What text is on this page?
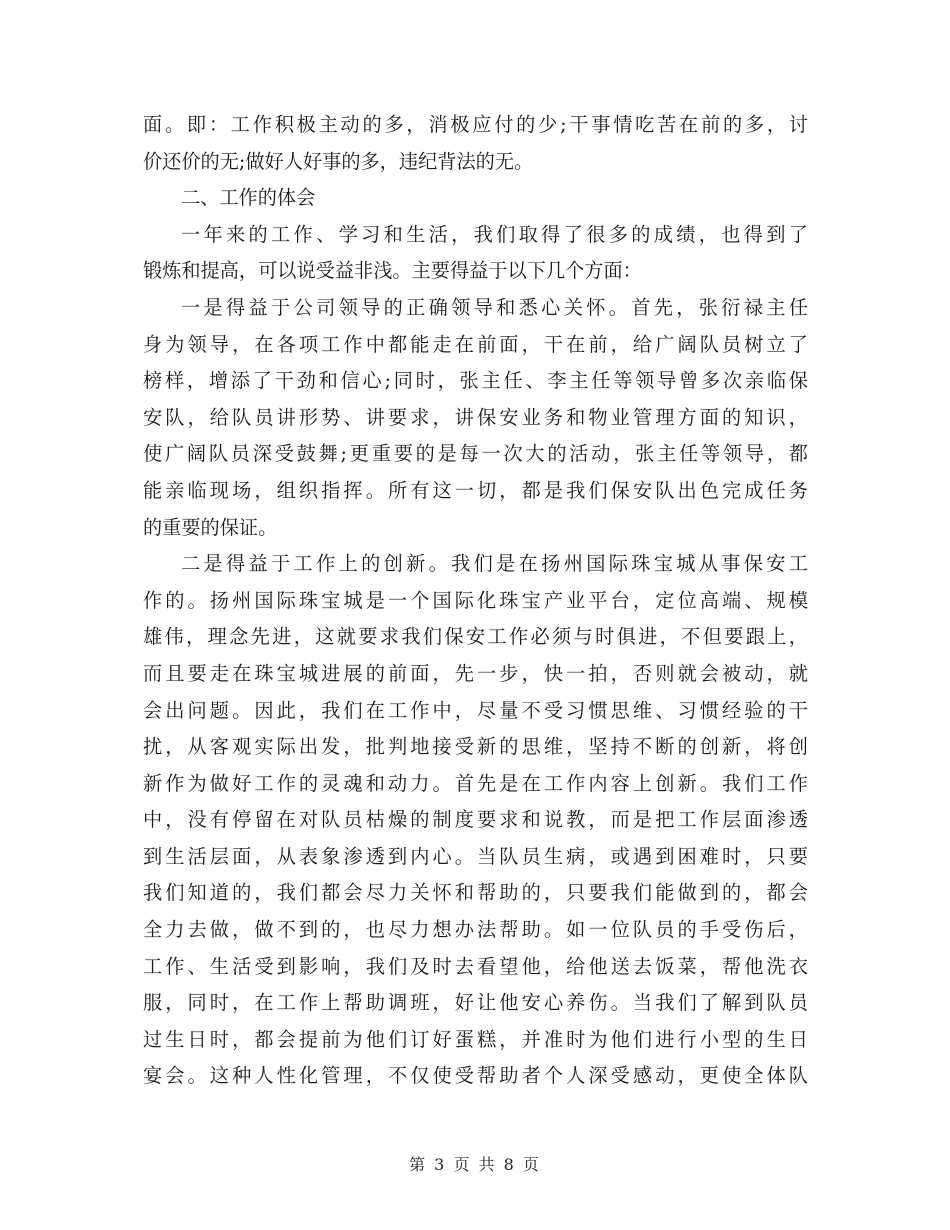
面。即：工作积极主动的多，消极应付的少;干事情吃苦在前的多，讨
价还价的无;做好人好事的多，违纪背法的无。
二、工作的体会
一年来的工作、学习和生活，我们取得了很多的成绩，也得到了
锻炼和提高，可以说受益非浅。主要得益于以下几个方面：
一是得益于公司领导的正确领导和悉心关怀。首先，张衍禄主任
身为领导，在各项工作中都能走在前面，干在前，给广阔队员树立了
榜样，增添了干劲和信心;同时，张主任、李主任等领导曾多次亲临保
安队，给队员讲形势、讲要求，讲保安业务和物业管理方面的知识，
使广阔队员深受鼓舞;更重要的是每一次大的活动，张主任等领导，都
能亲临现场，组织指挥。所有这一切，都是我们保安队出色完成任务
的重要的保证。
二是得益于工作上的创新。我们是在扬州国际珠宝城从事保安工
作的。扬州国际珠宝城是一个国际化珠宝产业平台，定位高端、规模
雄伟，理念先进，这就要求我们保安工作必须与时俱进，不但要跟上，
而且要走在珠宝城进展的前面，先一步，快一拍，否则就会被动，就
会出问题。因此，我们在工作中，尽量不受习惯思维、习惯经验的干
扰，从客观实际出发，批判地接受新的思维，坚持不断的创新，将创
新作为做好工作的灵魂和动力。首先是在工作内容上创新。我们工作
中，没有停留在对队员枯燥的制度要求和说教，而是把工作层面渗透
到生活层面，从表象渗透到内心。当队员生病，或遇到困难时，只要
我们知道的，我们都会尽力关怀和帮助的，只要我们能做到的，都会
全力去做，做不到的，也尽力想办法帮助。如一位队员的手受伤后，
工作、生活受到影响，我们及时去看望他，给他送去饭菜，帮他洗衣
服，同时，在工作上帮助调班，好让他安心养伤。当我们了解到队员
过生日时，都会提前为他们订好蛋糕，并准时为他们进行小型的生日
宴会。这种人性化管理，不仅使受帮助者个人深受感动，更使全体队
第 3 页 共 8 页
